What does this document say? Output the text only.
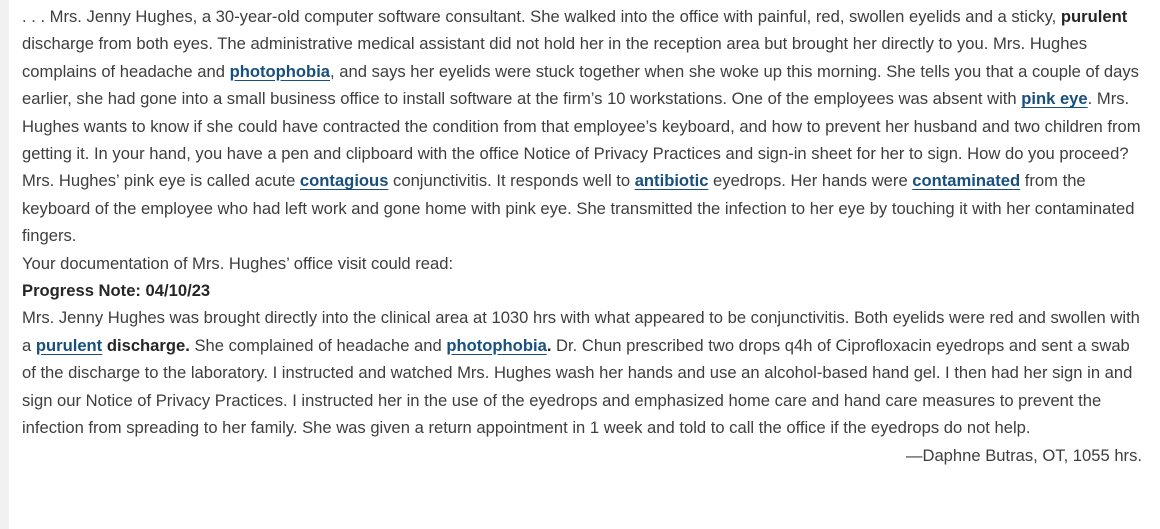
. . . Mrs. Jenny Hughes, a 30-year-old computer software consultant. She walked into the office with painful, red, swollen eyelids and a sticky, purulent discharge from both eyes. The administrative medical assistant did not hold her in the reception area but brought her directly to you. Mrs. Hughes complains of headache and photophobia, and says her eyelids were stuck together when she woke up this morning. She tells you that a couple of days earlier, she had gone into a small business office to install software at the firm’s 10 workstations. One of the employees was absent with pink eye. Mrs. Hughes wants to know if she could have contracted the condition from that employee’s keyboard, and how to prevent her husband and two children from getting it. In your hand, you have a pen and clipboard with the office Notice of Privacy Practices and sign-in sheet for her to sign. How do you proceed?

Mrs. Hughes’ pink eye is called acute contagious conjunctivitis. It responds well to antibiotic eyedrops. Her hands were contaminated from the keyboard of the employee who had left work and gone home with pink eye. She transmitted the infection to her eye by touching it with her contaminated fingers.

Your documentation of Mrs. Hughes’ office visit could read:

Progress Note: 04/10/23

Mrs. Jenny Hughes was brought directly into the clinical area at 1030 hrs with what appeared to be conjunctivitis. Both eyelids were red and swollen with a purulent discharge. She complained of headache and photophobia. Dr. Chun prescribed two drops q4h of Ciprofloxacin eyedrops and sent a swab of the discharge to the laboratory. I instructed and watched Mrs. Hughes wash her hands and use an alcohol-based hand gel. I then had her sign in and sign our Notice of Privacy Practices. I instructed her in the use of the eyedrops and emphasized home care and hand care measures to prevent the infection from spreading to her family. She was given a return appointment in 1 week and told to call the office if the eyedrops do not help.

—Daphne Butras, OT, 1055 hrs.
